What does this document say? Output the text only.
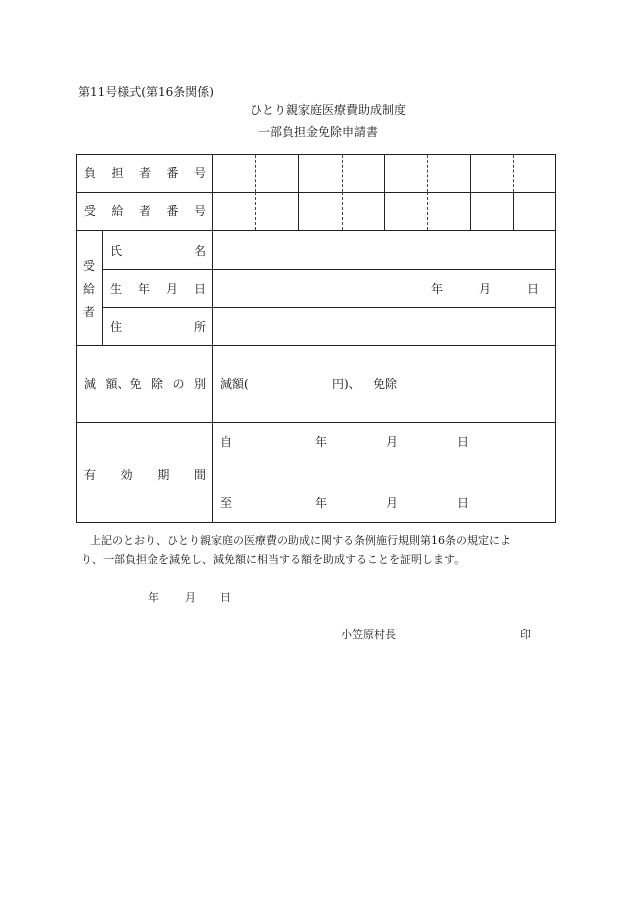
第11号様式(第16条関係)
ひとり親家庭医療費助成制度
一部負担金免除申請書
負 担 者 番 号
受 給 者 番 号
受
給
者
氏	名
生 年 月 日	年	月	日
住	所
減 額、免 除 の 別 減額(	円)、 免除
有 効 期 間
自	年	月	日
至	年	月	日
上記のとおり、ひとり親家庭の医療費の助成に関する条例施行規則第16条の規定によ
り、一部負担金を減免し、減免額に相当する額を助成することを証明します。
年 月 日
小笠原村長	印
